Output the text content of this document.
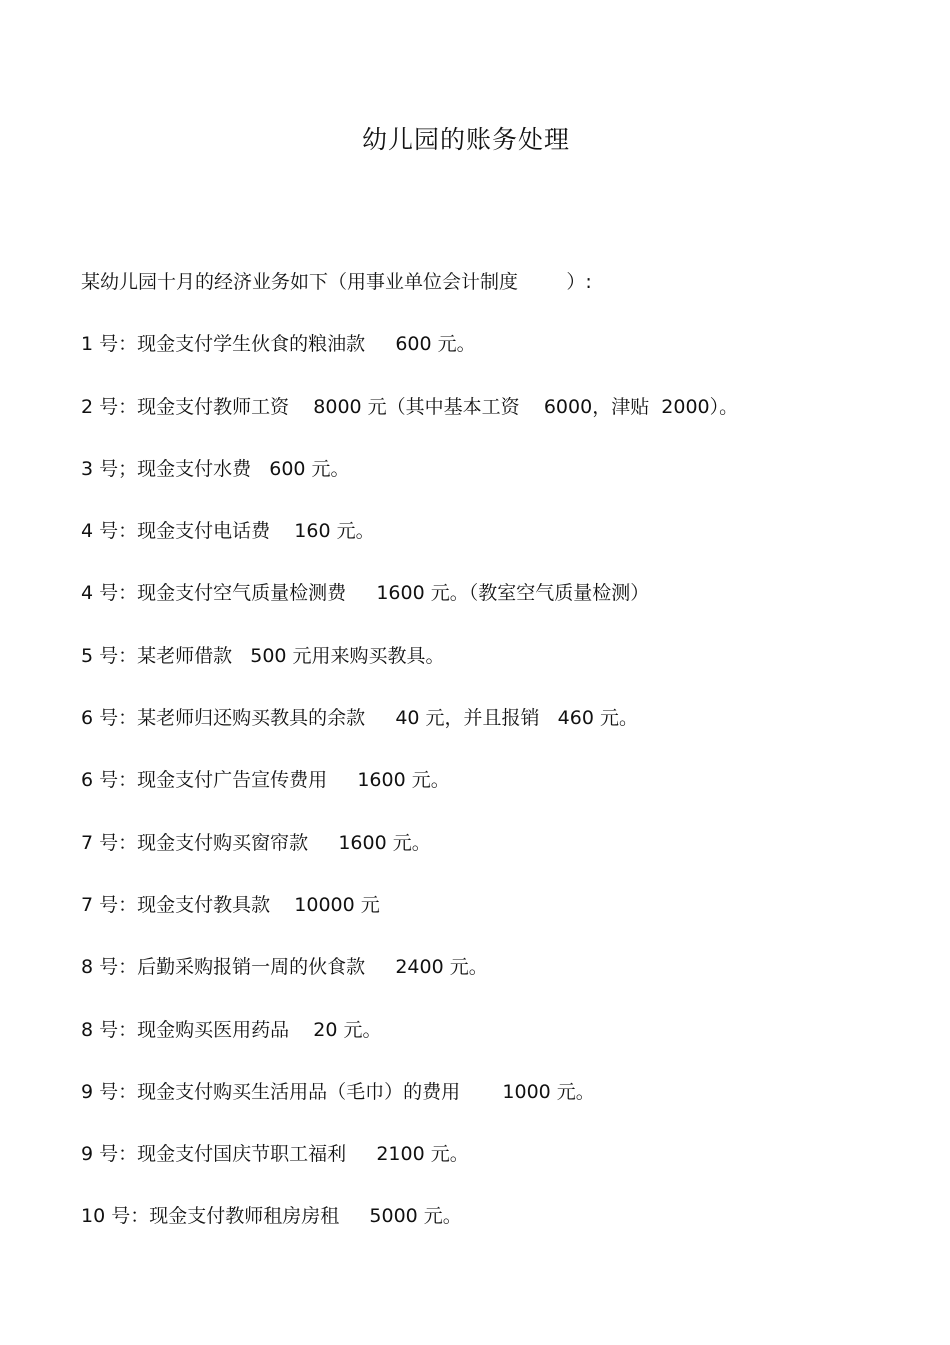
幼儿园的账务处理
某幼儿园十月的经济业务如下（用事业单位会计制度        ）:
1 号：现金支付学生伙食的粮油款     600 元。
2 号：现金支付教师工资    8000 元（其中基本工资    6000，津贴  2000）。
3 号；现金支付水费   600 元。
4 号：现金支付电话费    160 元。
4 号：现金支付空气质量检测费     1600 元。（教室空气质量检测）
5 号：某老师借款   500 元用来购买教具。
6 号：某老师归还购买教具的余款     40 元，并且报销   460 元。
6 号：现金支付广告宣传费用     1600 元。
7 号：现金支付购买窗帘款     1600 元。
7 号：现金支付教具款    10000 元
8 号：后勤采购报销一周的伙食款     2400 元。
8 号：现金购买医用药品    20 元。
9 号：现金支付购买生活用品（毛巾）的费用       1000 元。
9 号：现金支付国庆节职工福利     2100 元。
10 号：现金支付教师租房房租     5000 元。
